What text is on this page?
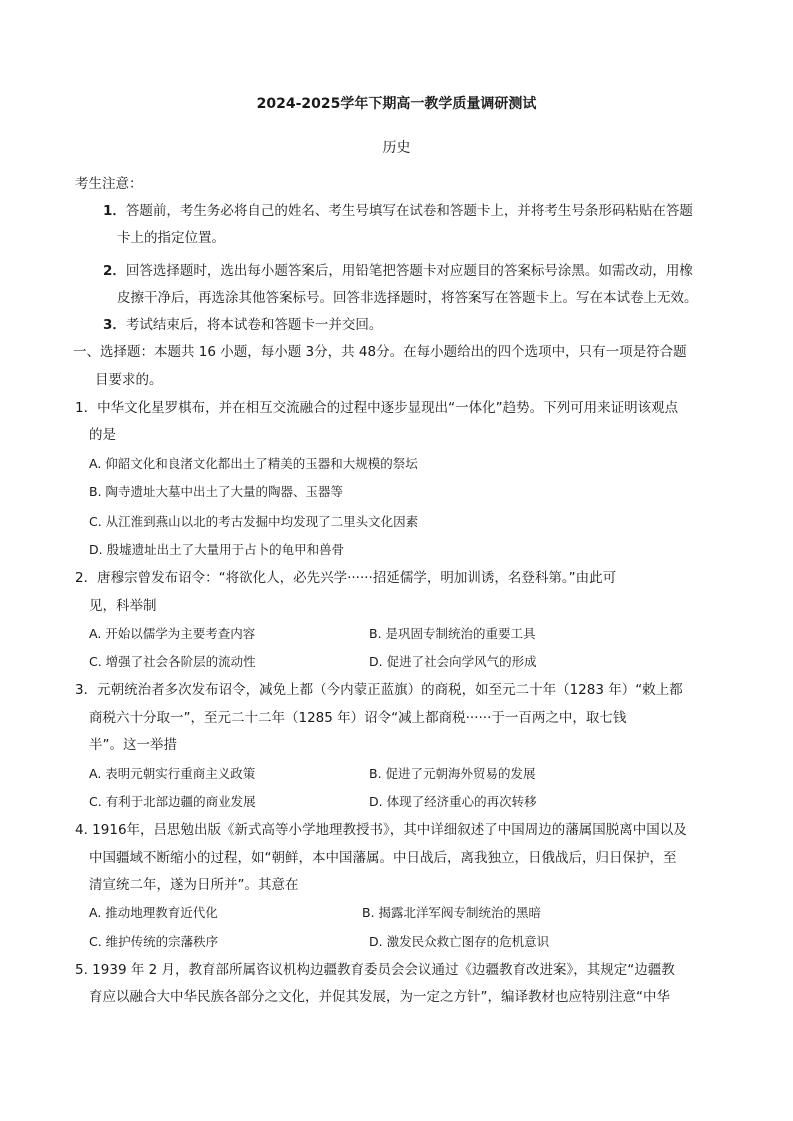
2024-2025学年下期高一教学质量调研测试
历史
考生注意：
1．答题前，考生务必将自己的姓名、考生号填写在试卷和答题卡上，并将考生号条形码粘贴在答题
卡上的指定位置。
2．回答选择题时，选出每小题答案后，用铅笔把答题卡对应题目的答案标号涂黑。如需改动，用橡
皮擦干净后，再选涂其他答案标号。回答非选择题时，将答案写在答题卡上。写在本试卷上无效。
3．考试结束后，将本试卷和答题卡一并交回。
一、选择题：本题共 16 小题，每小题 3分，共 48分。在每小题给出的四个选项中，只有一项是符合题
目要求的。
1．中华文化星罗棋布，并在相互交流融合的过程中逐步显现出“一体化”趋势。下列可用来证明该观点
的是
A. 仰韶文化和良渚文化都出土了精美的玉器和大规模的祭坛
B. 陶寺遗址大墓中出土了大量的陶器、玉器等
C. 从江淮到燕山以北的考古发掘中均发现了二里头文化因素
D. 殷墟遗址出土了大量用于占卜的龟甲和兽骨
2．唐穆宗曾发布诏令：“将欲化人，必先兴学······招延儒学，明加训诱，名登科第。”由此可
见，科举制
A. 开始以儒学为主要考查内容	B. 是巩固专制统治的重要工具
C. 增强了社会各阶层的流动性	D. 促进了社会向学风气的形成
3．元朝统治者多次发布诏令，减免上都（今内蒙正蓝旗）的商税，如至元二十年（1283 年）“敕上都
商税六十分取一”，至元二十二年（1285 年）诏令“减上都商税······于一百两之中，取七钱
半”。这一举措
A. 表明元朝实行重商主义政策	B. 促进了元朝海外贸易的发展
C. 有利于北部边疆的商业发展	D. 体现了经济重心的再次转移
4. 1916年，吕思勉出版《新式高等小学地理教授书》，其中详细叙述了中国周边的藩属国脱离中国以及
中国疆域不断缩小的过程，如“朝鲜，本中国藩属。中日战后，离我独立，日俄战后，归日保护，至
清宣统二年，遂为日所并”。其意在
A. 推动地理教育近代化	B. 揭露北洋军阀专制统治的黑暗
C. 维护传统的宗藩秩序	D. 激发民众救亡图存的危机意识
5. 1939 年 2 月，教育部所属咨议机构边疆教育委员会会议通过《边疆教育改进案》，其规定“边疆教
育应以融合大中华民族各部分之文化，并促其发展，为一定之方针”，编译教材也应特别注意“中华
